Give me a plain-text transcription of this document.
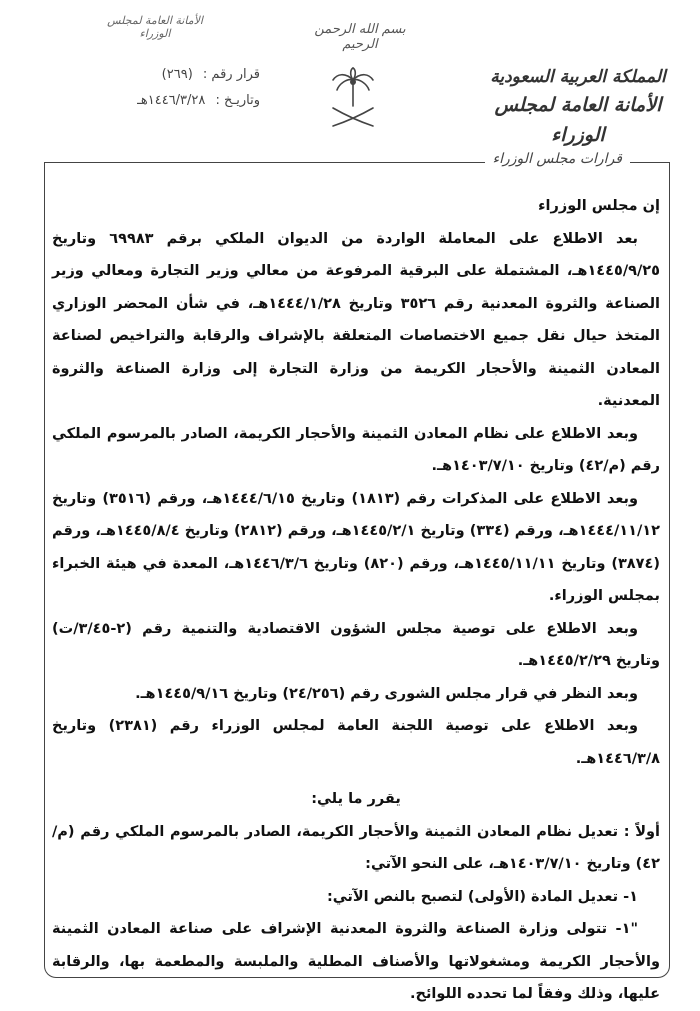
الأمانة العامة لمجلس الوزراء	بسم الله الرحمن الرحيم
قرار رقم : (٢٦٩)
وتاريـخ : ١٤٤٦/٣/٢٨هـ
المملكة العربية السعودية
الأمانة العامة لمجلس الوزراء
قرارات مجلس الوزراء

إن مجلس الوزراء

بعد الاطلاع على المعاملة الواردة من الديوان الملكي برقم ٦٩٩٨٣ وتاريخ ١٤٤٥/٩/٢٥هـ، المشتملة على البرقية المرفوعة من معالي وزير التجارة ومعالي وزير الصناعة والثروة المعدنية رقم ٣٥٢٦ وتاريخ ١٤٤٤/١/٢٨هـ، في شأن المحضر الوزاري المتخذ حيال نقل جميع الاختصاصات المتعلقة بالإشراف والرقابة والتراخيص لصناعة المعادن الثمينة والأحجار الكريمة من وزارة التجارة إلى وزارة الصناعة والثروة المعدنية.

وبعد الاطلاع على نظام المعادن الثمينة والأحجار الكريمة، الصادر بالمرسوم الملكي رقم (م/٤٢) وتاريخ ١٤٠٣/٧/١٠هـ.

وبعد الاطلاع على المذكرات رقم (١٨١٣) وتاريخ ١٤٤٤/٦/١٥هـ، ورقم (٣٥١٦) وتاريخ ١٤٤٤/١١/١٢هـ، ورقم (٣٣٤) وتاريخ ١٤٤٥/٢/١هـ، ورقم (٢٨١٢) وتاريخ ١٤٤٥/٨/٤هـ، ورقم (٣٨٧٤) وتاريخ ١٤٤٥/١١/١١هـ، ورقم (٨٢٠) وتاريخ ١٤٤٦/٣/٦هـ، المعدة في هيئة الخبراء بمجلس الوزراء.

وبعد الاطلاع على توصية مجلس الشؤون الاقتصادية والتنمية رقم (٢-٣/٤٥/ت) وتاريخ ١٤٤٥/٢/٢٩هـ.

وبعد النظر في قرار مجلس الشورى رقم (٢٤/٢٥٦) وتاريخ ١٤٤٥/٩/١٦هـ.

وبعد الاطلاع على توصية اللجنة العامة لمجلس الوزراء رقم (٢٣٨١) وتاريخ ١٤٤٦/٣/٨هـ.

يقرر ما يلي:

أولاً : تعديل نظام المعادن الثمينة والأحجار الكريمة، الصادر بالمرسوم الملكي رقم (م/٤٢) وتاريخ ١٤٠٣/٧/١٠هـ، على النحو الآتي:

١- تعديل المادة (الأولى) لتصبح بالنص الآتي:

"١- تتولى وزارة الصناعة والثروة المعدنية الإشراف على صناعة المعادن الثمينة والأحجار الكريمة ومشغولاتها والأصناف المطلية والملبسة والمطعمة بها، والرقابة عليها، وذلك وفقاً لما تحدده اللوائح.
